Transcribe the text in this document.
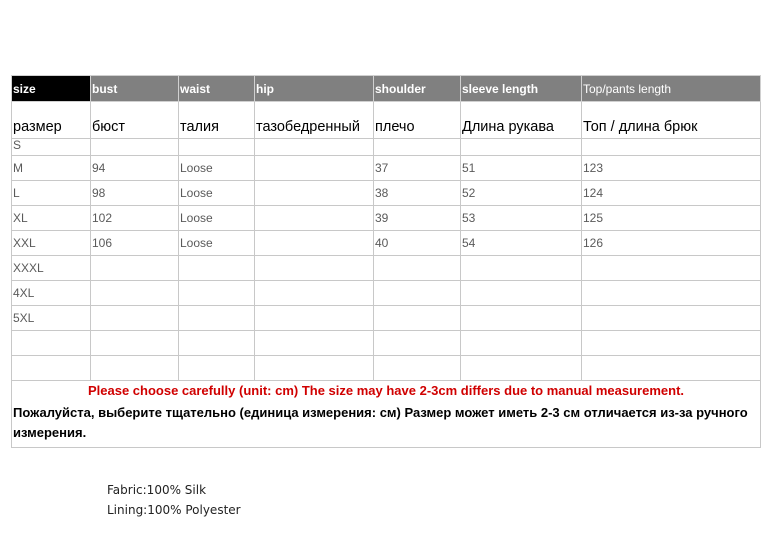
size	bust	waist	hip	shoulder	sleeve length	Top/pants length
размер	бюст	талия	тазобедренный	плечо	Длина рукава	Топ / длина брюк
S						
M	94	Loose		37	51	123
L	98	Loose		38	52	124
XL	102	Loose		39	53	125
XXL	106	Loose		40	54	126
XXXL						
4XL						
5XL						

Please choose carefully (unit: cm) The size may have 2-3cm differs due to manual measurement.						
Пожалуйста, выберите тщательно (единица измерения: см) Размер может иметь 2-3 см отличается из-за ручного измерения.						
Fabric:100% Silk
Lining:100% Polyester
